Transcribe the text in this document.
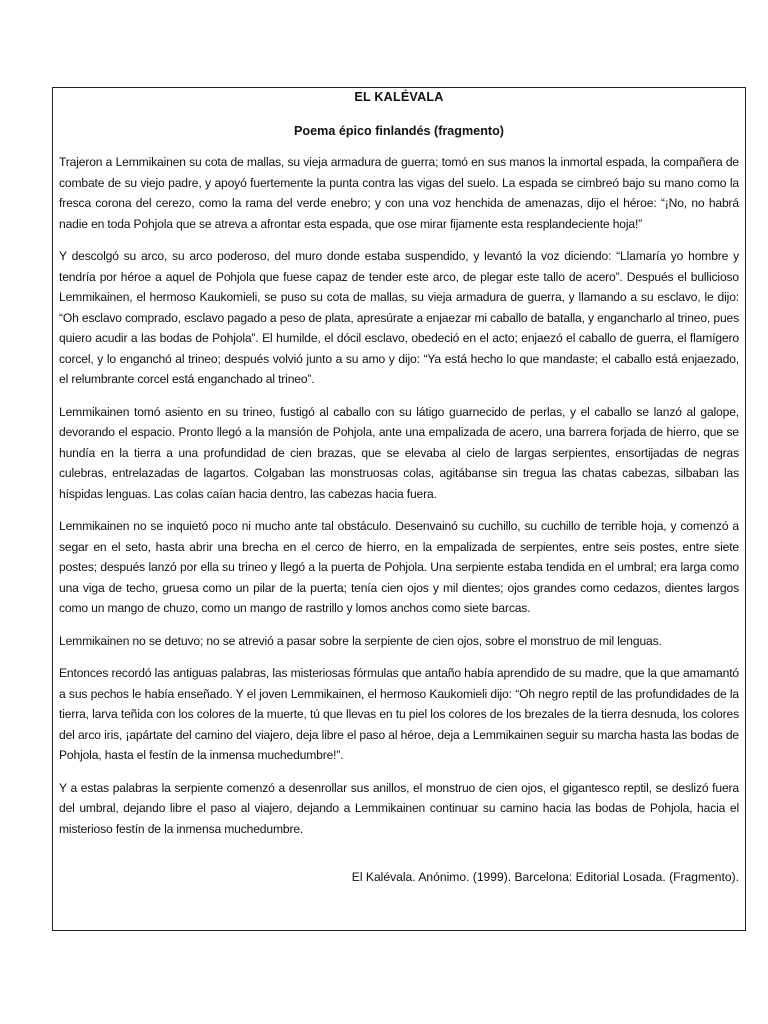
EL KALÉVALA
Poema épico finlandés (fragmento)

Trajeron a Lemmikainen su cota de mallas, su vieja armadura de guerra; tomó en sus manos la inmortal espada, la compañera de combate de su viejo padre, y apoyó fuertemente la punta contra las vigas del suelo. La espada se cimbreó bajo su mano como la fresca corona del cerezo, como la rama del verde enebro; y con una voz henchida de amenazas, dijo el héroe: “¡No, no habrá nadie en toda Pohjola que se atreva a afrontar esta espada, que ose mirar fijamente esta resplandeciente hoja!”

Y descolgó su arco, su arco poderoso, del muro donde estaba suspendido, y levantó la voz diciendo: “Llamaría yo hombre y tendría por héroe a aquel de Pohjola que fuese capaz de tender este arco, de plegar este tallo de acero”. Después el bullicioso Lemmikainen, el hermoso Kaukomieli, se puso su cota de mallas, su vieja armadura de guerra, y llamando a su esclavo, le dijo: “Oh esclavo comprado, esclavo pagado a peso de plata, apresúrate a enjaezar mi caballo de batalla, y engancharlo al trineo, pues quiero acudir a las bodas de Pohjola”. El humilde, el dócil esclavo, obedeció en el acto; enjaezó el caballo de guerra, el flamígero corcel, y lo enganchó al trineo; después volvió junto a su amo y dijo: “Ya está hecho lo que mandaste; el caballo está enjaezado, el relumbrante corcel está enganchado al trineo”.

Lemmikainen tomó asiento en su trineo, fustigó al caballo con su látigo guarnecido de perlas, y el caballo se lanzó al galope, devorando el espacio. Pronto llegó a la mansión de Pohjola, ante una empalizada de acero, una barrera forjada de hierro, que se hundía en la tierra a una profundidad de cien brazas, que se elevaba al cielo de largas serpientes, ensortijadas de negras culebras, entrelazadas de lagartos. Colgaban las monstruosas colas, agitábanse sin tregua las chatas cabezas, silbaban las híspidas lenguas. Las colas caían hacia dentro, las cabezas hacia fuera.

Lemmikainen no se inquietó poco ni mucho ante tal obstáculo. Desenvainó su cuchillo, su cuchillo de terrible hoja, y comenzó a segar en el seto, hasta abrir una brecha en el cerco de hierro, en la empalizada de serpientes, entre seis postes, entre siete postes; después lanzó por ella su trineo y llegó a la puerta de Pohjola. Una serpiente estaba tendida en el umbral; era larga como una viga de techo, gruesa como un pilar de la puerta; tenía cien ojos y mil dientes; ojos grandes como cedazos, dientes largos como un mango de chuzo, como un mango de rastrillo y lomos anchos como siete barcas.

Lemmikainen no se detuvo; no se atrevió a pasar sobre la serpiente de cien ojos, sobre el monstruo de mil lenguas.

Entonces recordó las antiguas palabras, las misteriosas fórmulas que antaño había aprendido de su madre, que la que amamantó a sus pechos le había enseñado. Y el joven Lemmikainen, el hermoso Kaukomieli dijo: “Oh negro reptil de las profundidades de la tierra, larva teñida con los colores de la muerte, tú que llevas en tu piel los colores de los brezales de la tierra desnuda, los colores del arco iris, ¡apártate del camino del viajero, deja libre el paso al héroe, deja a Lemmikainen seguir su marcha hasta las bodas de Pohjola, hasta el festín de la inmensa muchedumbre!”.

Y a estas palabras la serpiente comenzó a desenrollar sus anillos, el monstruo de cien ojos, el gigantesco reptil, se deslizó fuera del umbral, dejando libre el paso al viajero, dejando a Lemmikainen continuar su camino hacia las bodas de Pohjola, hacia el misterioso festín de la inmensa muchedumbre.

El Kalévala. Anónimo. (1999). Barcelona: Editorial Losada. (Fragmento).
